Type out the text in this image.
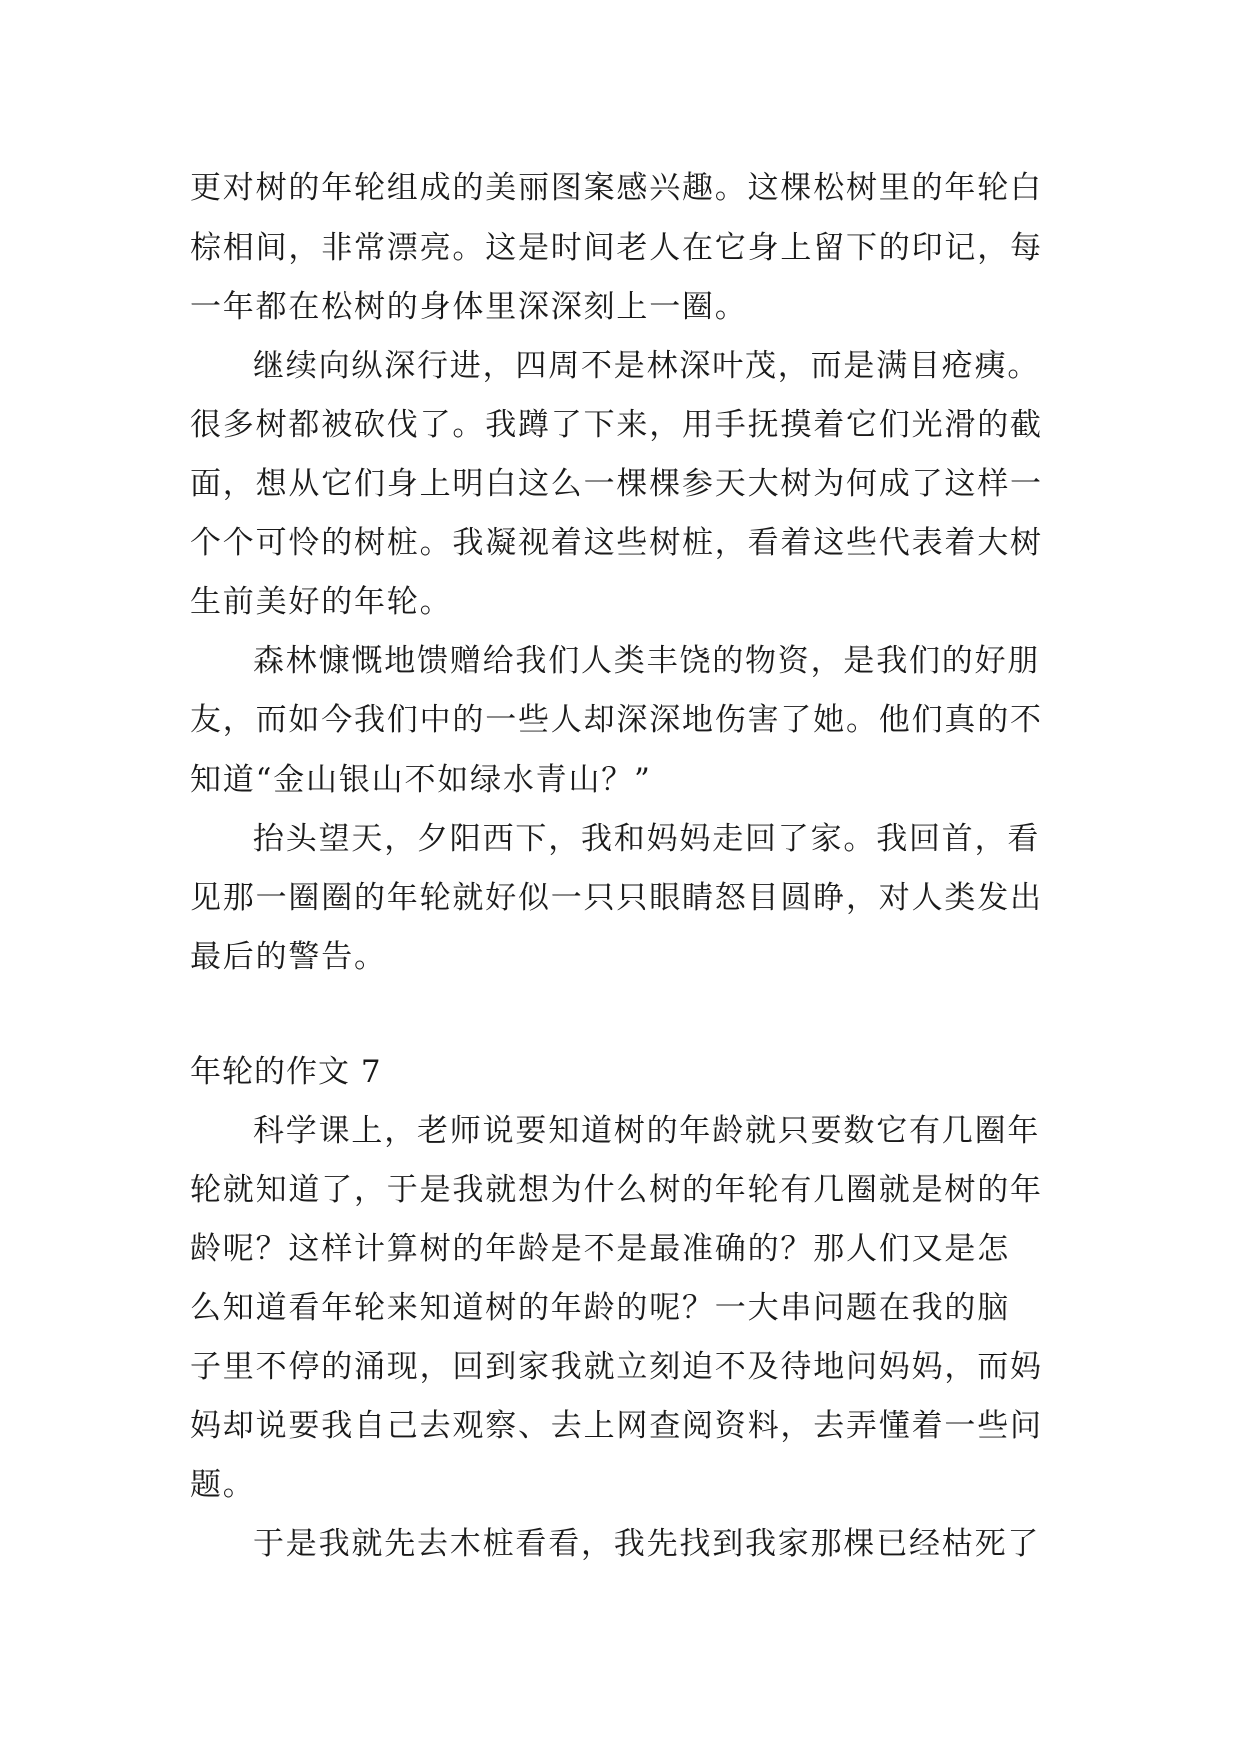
更对树的年轮组成的美丽图案感兴趣。这棵松树里的年轮白
棕相间，非常漂亮。这是时间老人在它身上留下的印记，每
一年都在松树的身体里深深刻上一圈。
继续向纵深行进，四周不是林深叶茂，而是满目疮痍。
很多树都被砍伐了。我蹲了下来，用手抚摸着它们光滑的截
面，想从它们身上明白这么一棵棵参天大树为何成了这样一
个个可怜的树桩。我凝视着这些树桩，看着这些代表着大树
生前美好的年轮。
森林慷慨地馈赠给我们人类丰饶的物资，是我们的好朋
友，而如今我们中的一些人却深深地伤害了她。他们真的不
知道“金山银山不如绿水青山？”
抬头望天，夕阳西下，我和妈妈走回了家。我回首，看
见那一圈圈的年轮就好似一只只眼睛怒目圆睁，对人类发出
最后的警告。
年轮的作文 7
科学课上，老师说要知道树的年龄就只要数它有几圈年
轮就知道了，于是我就想为什么树的年轮有几圈就是树的年
龄呢？这样计算树的年龄是不是最准确的？那人们又是怎
么知道看年轮来知道树的年龄的呢？一大串问题在我的脑
子里不停的涌现，回到家我就立刻迫不及待地问妈妈，而妈
妈却说要我自己去观察、去上网查阅资料，去弄懂着一些问
题。
于是我就先去木桩看看，我先找到我家那棵已经枯死了
